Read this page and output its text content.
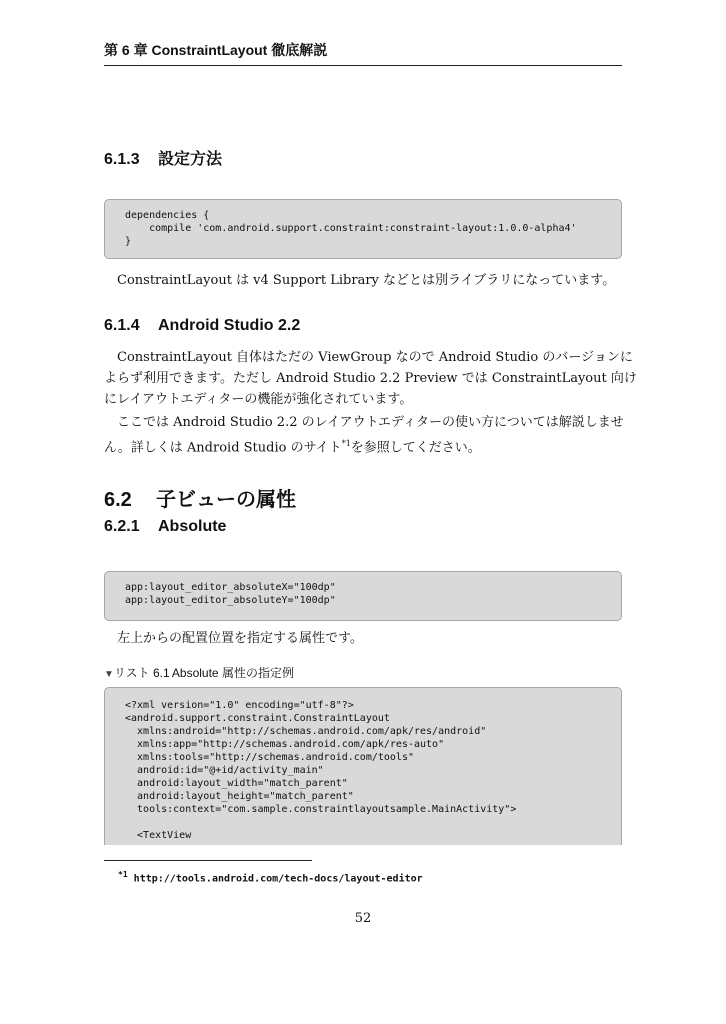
第 6 章 ConstraintLayout 徹底解説
6.1.3 設定方法
dependencies {
compile 'com.android.support.constraint:constraint-layout:1.0.0-alpha4'
}
ConstraintLayout は v4 Support Library などとは別ライブラリになっています。
6.1.4 Android Studio 2.2
ConstraintLayout 自体はただの ViewGroup なので Android Studio のバージョンに
よらず利用できます。ただし Android Studio 2.2 Preview では ConstraintLayout 向け
にレイアウトエディターの機能が強化されています。
ここでは Android Studio 2.2 のレイアウトエディターの使い方については解説しませ
ん。詳しくは Android Studio のサイト$^{*1}$を参照してください。
6.2 子ビューの属性
6.2.1 Absolute
app:layout_editor_absoluteX="100dp"
app:layout_editor_absoluteY="100dp"
左上からの配置位置を指定する属性です。
▼リスト 6.1 Absolute 属性の指定例
<?xml version="1.0" encoding="utf-8"?>
<android.support.constraint.ConstraintLayout
xmlns:android="http://schemas.android.com/apk/res/android"
xmlns:app="http://schemas.android.com/apk/res-auto"
xmlns:tools="http://schemas.android.com/tools"
android:id="@+id/activity_main"
android:layout_width="match_parent"
android:layout_height="match_parent"
tools:context="com.sample.constraintlayoutsample.MainActivity">
<TextView
$^{*1}$ http://tools.android.com/tech-docs/layout-editor
52
